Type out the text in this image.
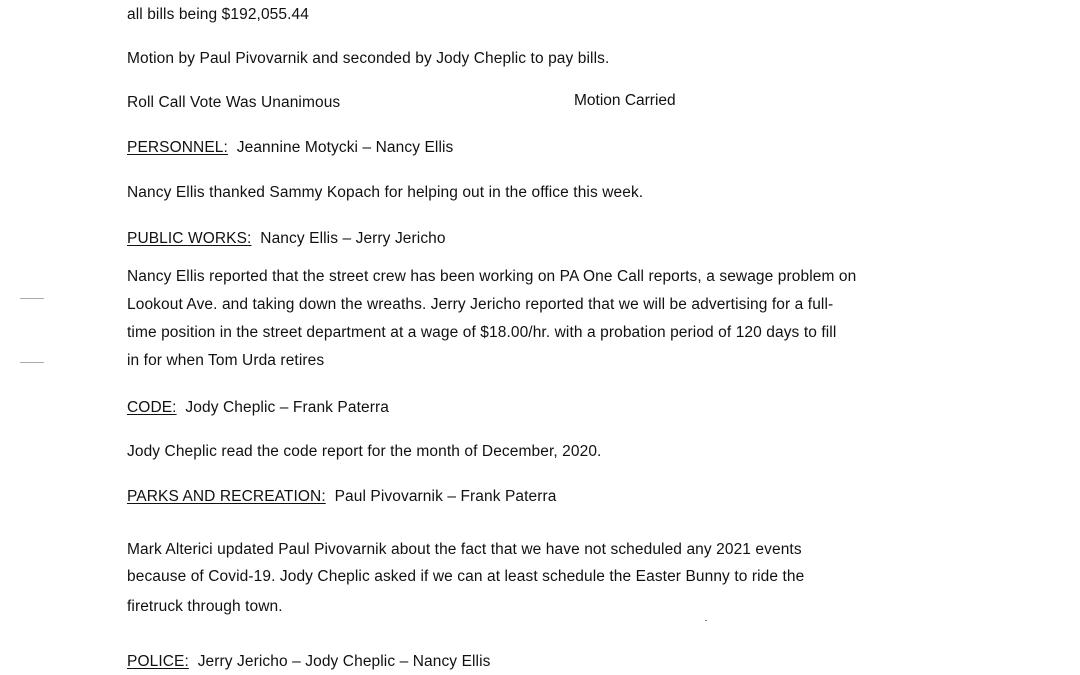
all bills being $192,055.44
Motion by Paul Pivovarnik and seconded by Jody Cheplic to pay bills.
Roll Call Vote Was Unanimous	Motion Carried
PERSONNEL: Jeannine Motycki – Nancy Ellis
Nancy Ellis thanked Sammy Kopach for helping out in the office this week.
PUBLIC WORKS: Nancy Ellis – Jerry Jericho
Nancy Ellis reported that the street crew has been working on PA One Call reports, a sewage problem on
Lookout Ave. and taking down the wreaths. Jerry Jericho reported that we will be advertising for a full-
time position in the street department at a wage of $18.00/hr. with a probation period of 120 days to fill
in for when Tom Urda retires
CODE: Jody Cheplic – Frank Paterra
Jody Cheplic read the code report for the month of December, 2020.
PARKS AND RECREATION: Paul Pivovarnik – Frank Paterra
Mark Alterici updated Paul Pivovarnik about the fact that we have not scheduled any 2021 events
because of Covid-19. Jody Cheplic asked if we can at least schedule the Easter Bunny to ride the
firetruck through town.
POLICE: Jerry Jericho – Jody Cheplic – Nancy Ellis
